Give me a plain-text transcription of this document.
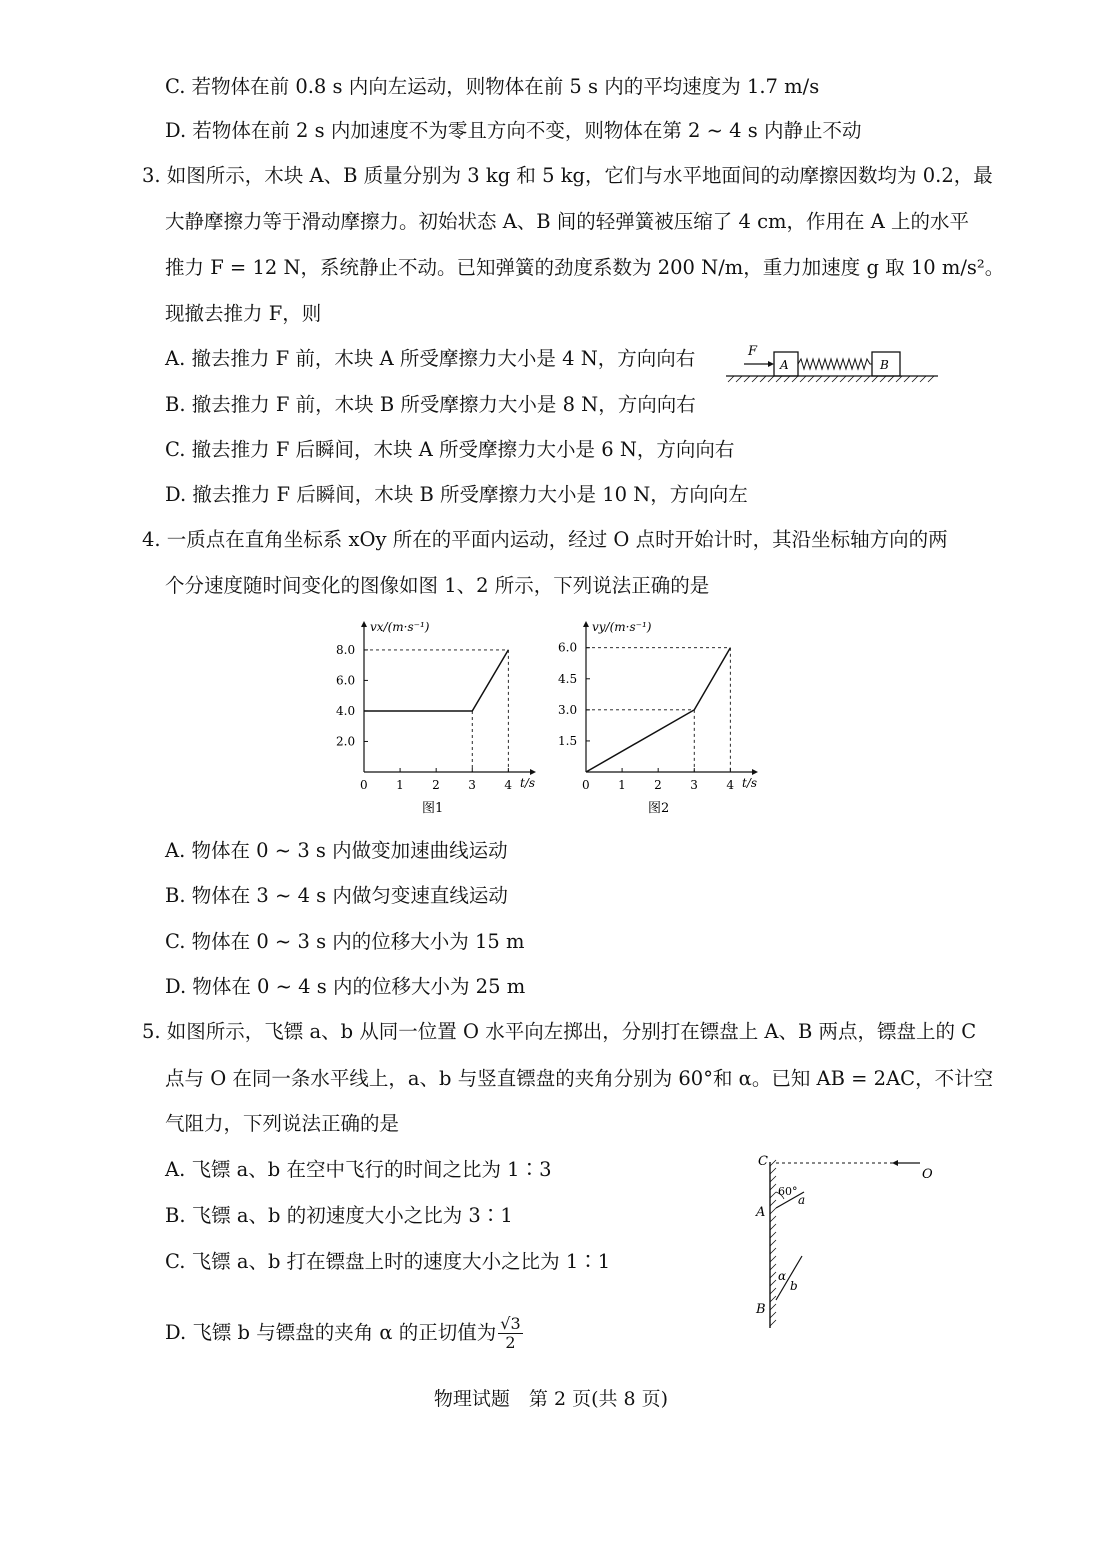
C. 若物体在前 0.8 s 内向左运动，则物体在前 5 s 内的平均速度为 1.7 m/s
D. 若物体在前 2 s 内加速度不为零且方向不变，则物体在第 2 ~ 4 s 内静止不动
3. 如图所示，木块 A、B 质量分别为 3 kg 和 5 kg，它们与水平地面间的动摩擦因数均为 0.2，最
大静摩擦力等于滑动摩擦力。初始状态 A、B 间的轻弹簧被压缩了 4 cm，作用在 A 上的水平
推力 F = 12 N，系统静止不动。已知弹簧的劲度系数为 200 N/m，重力加速度 g 取 10 m/s²。
现撤去推力 F，则
A. 撤去推力 F 前，木块 A 所受摩擦力大小是 4 N，方向向右
B. 撤去推力 F 前，木块 B 所受摩擦力大小是 8 N，方向向右
C. 撤去推力 F 后瞬间，木块 A 所受摩擦力大小是 6 N，方向向右
D. 撤去推力 F 后瞬间，木块 B 所受摩擦力大小是 10 N，方向向左
F
A	B
4. 一质点在直角坐标系 xOy 所在的平面内运动，经过 O 点时开始计时，其沿坐标轴方向的两
个分速度随时间变化的图像如图 1、2 所示，下列说法正确的是
0 1 2 3 4
2.0
4.0
6.0
8.0
vx/(m·s⁻¹)
t/s
图1
0 1 2 3 4
1.5
3.0
4.5
6.0
vy/(m·s⁻¹)
t/s
图2
A. 物体在 0 ~ 3 s 内做变加速曲线运动
B. 物体在 3 ~ 4 s 内做匀变速直线运动
C. 物体在 0 ~ 3 s 内的位移大小为 15 m
D. 物体在 0 ~ 4 s 内的位移大小为 25 m
5. 如图所示，飞镖 a、b 从同一位置 O 水平向左掷出，分别打在镖盘上 A、B 两点，镖盘上的 C
点与 O 在同一条水平线上，a、b 与竖直镖盘的夹角分别为 60°和 α。已知 AB = 2AC，不计空
气阻力，下列说法正确的是
A. 飞镖 a、b 在空中飞行的时间之比为 1∶3
B. 飞镖 a、b 的初速度大小之比为 3∶1
C. 飞镖 a、b 打在镖盘上时的速度大小之比为 1∶1
D. 飞镖 b 与镖盘的夹角 α 的正切值为 $\frac{√3}{2}$
C
O
60°
a
A
α
b
B
物理试题　第 2 页(共 8 页)
